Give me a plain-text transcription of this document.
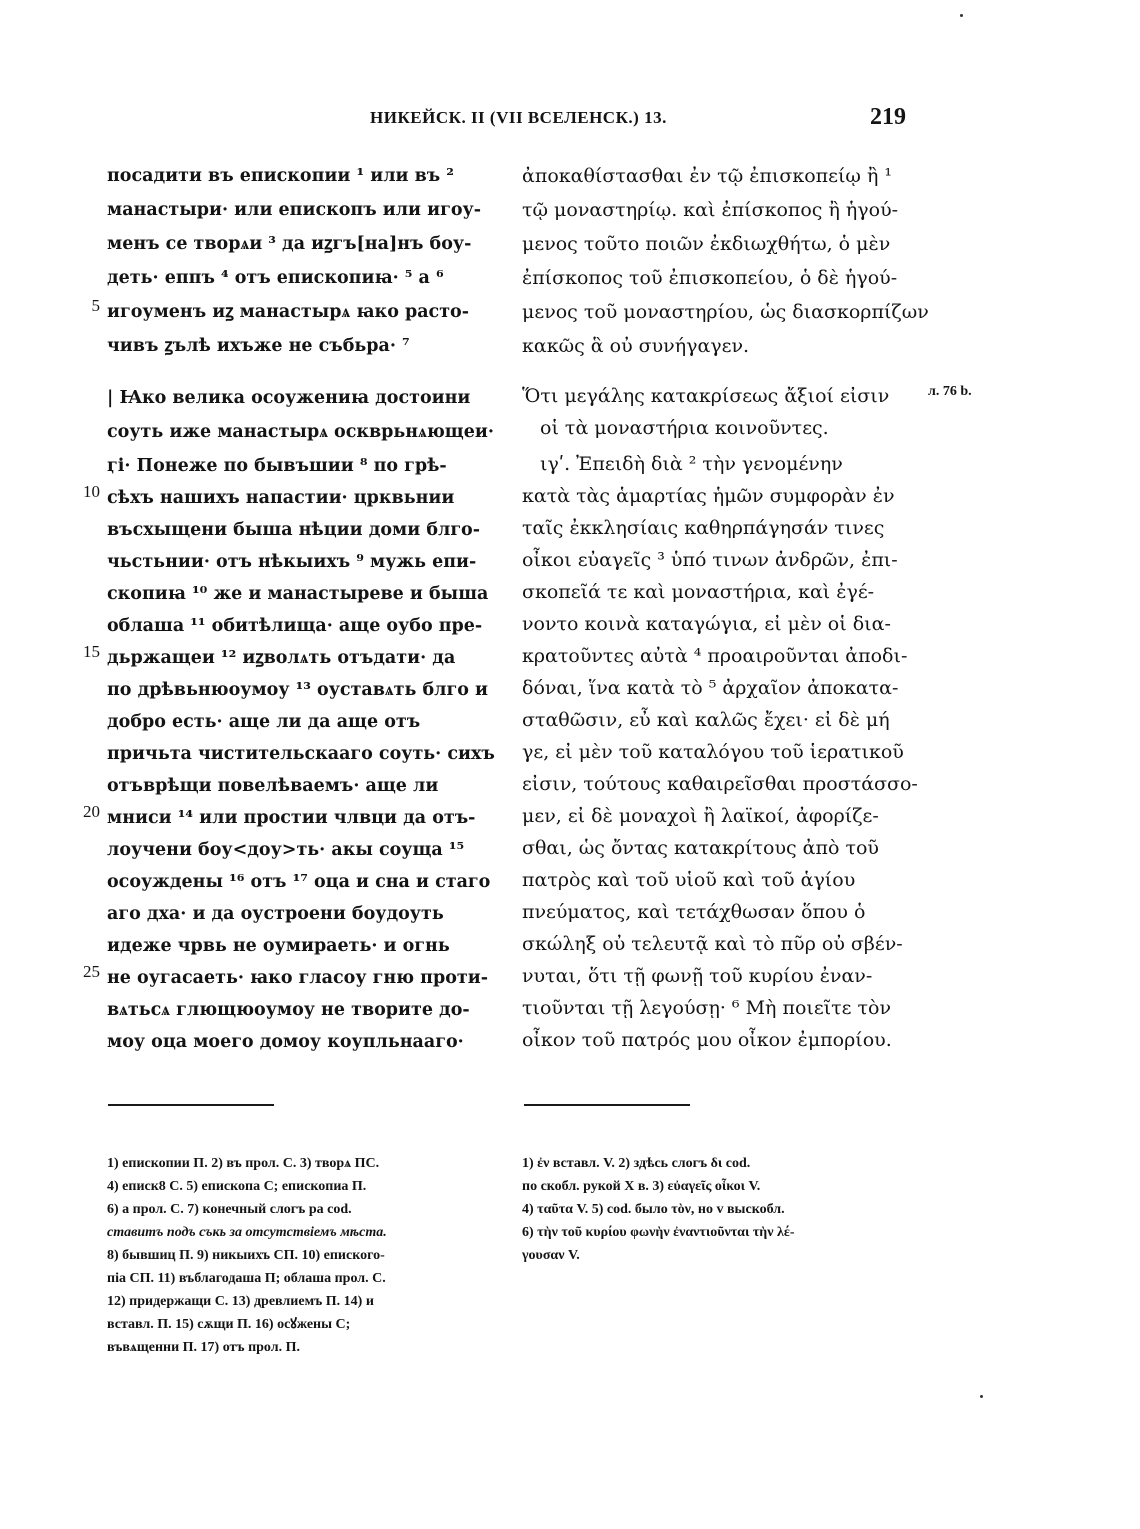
НИКЕЙСК. II (VII ВСЕЛЕНСК.) 13.	219
посадити въ епископии ¹ или въ ²
манастыри· или епископъ или игоу-
менъ се творѧи ³ да иꙁгъ[на]нъ боу-
деть· еппъ ⁴ отъ епископиꙗ· ⁵ а ⁶
игоуменъ иꙁ манастырѧ ꙗко расто-
чивъ ꙁълѣ ихъже не събьра· ⁷
| Ꙗко велика осоужениꙗ достоини
соуть иже манастырѧ оскврьнѧющеи·
ӷі· Понеже по бывъшии ⁸ по грѣ-
сѣхъ нашихъ напастии· црквьнии
въсхыщени быша нѣции доми блго-
чьстьнии· отъ нѣкыихъ ⁹ мужь епи-
скопиꙗ ¹⁰ же и манастыреве и быша
облаша ¹¹ обитѣлища· аще оубо пре-
дьржащеи ¹² иꙁволѧть отъдати· да
по дрѣвьнюоумоу ¹³ оуставѧть блго и
добро есть· аще ли да аще отъ
причьта чистительскааго соуть· сихъ
отъврѣщи повелѣваемъ· аще ли
мниси ¹⁴ или простии члвци да отъ-
лоучени боу<доу>ть· акы соуща ¹⁵
осоуждены ¹⁶ отъ ¹⁷ оца и сна и стаго
аго дха· и да оустроени боудоуть
идеже чрвь не оумираеть· и огнь
не оугасаеть· ꙗко гласоу гню проти-
вѧтьсѧ глющюоумоу не творите до-
моу оца моего домоу коупльнааго·
5
10
15
20
25
ἀποκαθίστασθαι ἐν τῷ ἐπισκοπείῳ ἢ ¹
τῷ μοναστηρίῳ. καὶ ἐπίσκοπος ἢ ἡγού-
μενος τοῦτο ποιῶν ἐκδιωχθήτω, ὁ μὲν
ἐπίσκοπος τοῦ ἐπισκοπείου, ὁ δὲ ἡγού-
μενος τοῦ μοναστηρίου, ὡς διασκορπίζων
κακῶς ἃ οὐ συνήγαγεν.
Ὅτι μεγάλης κατακρίσεως ἄξιοί εἰσιν
οἱ τὰ μοναστήρια κοινοῦντες.
ιγʹ. Ἐπειδὴ διὰ ² τὴν γενομένην
κατὰ τὰς ἁμαρτίας ἡμῶν συμφορὰν ἐν
ταῖς ἐκκλησίαις καθηρπάγησάν τινες
οἶκοι εὐαγεῖς ³ ὑπό τινων ἀνδρῶν, ἐπι-
σκοπεῖά τε καὶ μοναστήρια, καὶ ἐγέ-
νοντο κοινὰ καταγώγια, εἰ μὲν οἱ δια-
κρατοῦντες αὐτὰ ⁴ προαιροῦνται ἀποδι-
δόναι, ἵνα κατὰ τὸ ⁵ ἀρχαῖον ἀποκατα-
σταθῶσιν, εὖ καὶ καλῶς ἔχει· εἰ δὲ μή
γε, εἰ μὲν τοῦ καταλόγου τοῦ ἱερατικοῦ
εἰσιν, τούτους καθαιρεῖσθαι προστάσσο-
μεν, εἰ δὲ μοναχοὶ ἢ λαϊκοί, ἀφορίζε-
σθαι, ὡς ὄντας κατακρίτους ἀπὸ τοῦ
πατρὸς καὶ τοῦ υἱοῦ καὶ τοῦ ἁγίου
πνεύματος, καὶ τετάχθωσαν ὅπου ὁ
σκώληξ οὐ τελευτᾷ καὶ τὸ πῦρ οὐ σβέν-
νυται, ὅτι τῇ φωνῇ τοῦ κυρίου ἐναν-
τιοῦνται τῇ λεγούσῃ· ⁶ Μὴ ποιεῖτε τὸν
οἶκον τοῦ πατρός μου οἶκον ἐμπορίου.
л. 76 b.
1) епископии П. 2) въ прол. С. 3) творѧ ПС.
4) еписк8 С. 5) епископа С; епископиа П.
6) а прол. С. 7) конечный слогъ ра cod.
ставитъ подъ съкь за отсутствіемъ мѣста.
8) бывшиц П. 9) никыихъ СП. 10) епиского-
піа СП. 11) въблагодаша П; облаша прол. С.
12) придержащи С. 13) древлиемъ П. 14) и
вставл. П. 15) сѫщи П. 16) осꙋжены С;
въвѧщенни П. 17) отъ прол. П.
1) ἐν вставл. V. 2) здѣсь слогъ δι cod.
по скобл. рукой X в. 3) εὐαγεῖς οἶκοι V.
4) ταῦτα V. 5) cod. было τὸν, но v выскобл.
6) τὴν τοῦ κυρίου φωνὴν ἐναντιοῦνται τὴν λέ-
γουσαν V.
